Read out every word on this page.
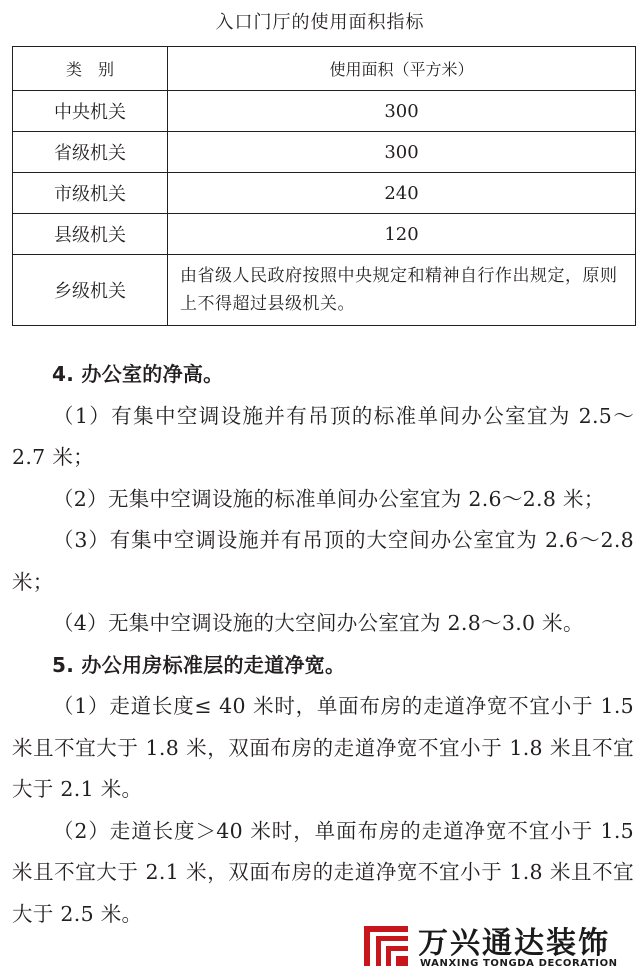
入口门厅的使用面积指标
类　别	使用面积（平方米）
中央机关	300
省级机关	300
市级机关	240
县级机关	120
乡级机关	由省级人民政府按照中央规定和精神自行作出规定，原则上不得超过县级机关。

4. 办公室的净高。

（1）有集中空调设施并有吊顶的标准单间办公室宜为 2.5～2.7 米；

（2）无集中空调设施的标准单间办公室宜为 2.6～2.8 米；

（3）有集中空调设施并有吊顶的大空间办公室宜为 2.6～2.8 米；

（4）无集中空调设施的大空间办公室宜为 2.8～3.0 米。

5. 办公用房标准层的走道净宽。

（1）走道长度≤ 40 米时，单面布房的走道净宽不宜小于 1.5 米且不宜大于 1.8 米，双面布房的走道净宽不宜小于 1.8 米且不宜大于 2.1 米。

（2）走道长度＞40 米时，单面布房的走道净宽不宜小于 1.5 米且不宜大于 2.1 米，双面布房的走道净宽不宜小于 1.8 米且不宜大于 2.5 米。

万兴通达装饰
WANXING TONGDA DECORATION
